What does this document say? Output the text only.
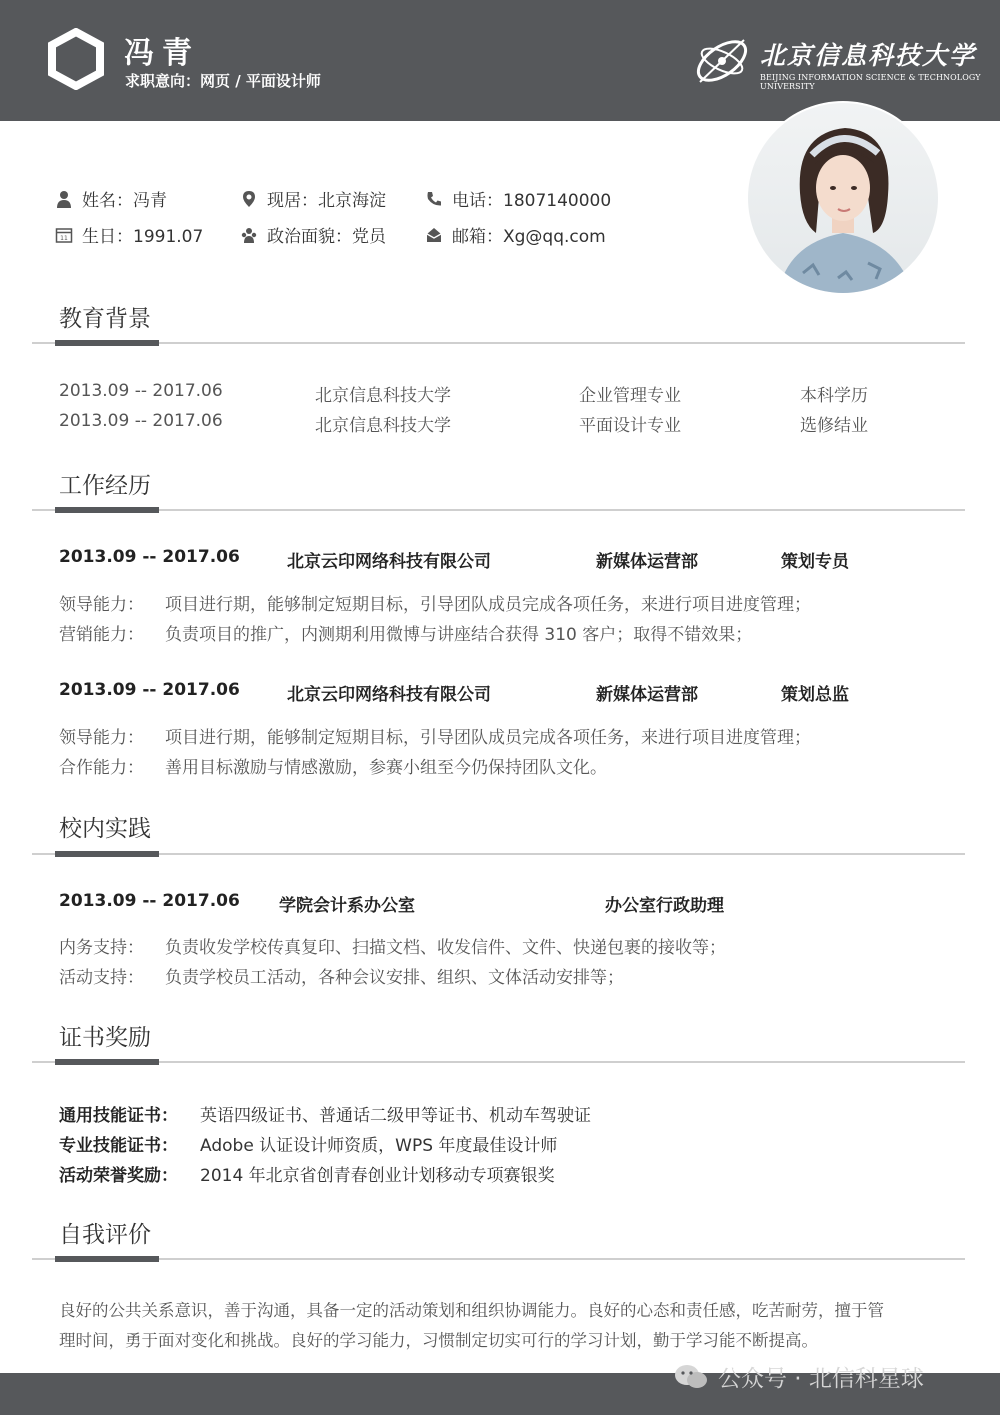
冯青
求职意向：网页 / 平面设计师
北京信息科技大学
BEIJING INFORMATION SCIENCE & TECHNOLOGY UNIVERSITY
姓名：冯青	现居：北京海淀	电话：1807140000
11 生日：1991.07	政治面貌：党员	邮箱：Xg@qq.com
教育背景
2013.09 -- 2017.06	北京信息科技大学	企业管理专业	本科学历
2013.09 -- 2017.06	北京信息科技大学	平面设计专业	选修结业
工作经历
2013.09 -- 2017.06	北京云印网络科技有限公司	新媒体运营部	策划专员
领导能力： 项目进行期，能够制定短期目标，引导团队成员完成各项任务，来进行项目进度管理；
营销能力： 负责项目的推广，内测期利用微博与讲座结合获得 310 客户；取得不错效果；
2013.09 -- 2017.06	北京云印网络科技有限公司	新媒体运营部	策划总监
领导能力： 项目进行期，能够制定短期目标，引导团队成员完成各项任务，来进行项目进度管理；
合作能力： 善用目标激励与情感激励，参赛小组至今仍保持团队文化。
校内实践
2013.09 -- 2017.06 学院会计系办公室	办公室行政助理
内务支持： 负责收发学校传真复印、扫描文档、收发信件、文件、快递包裹的接收等；
活动支持： 负责学校员工活动，各种会议安排、组织、文体活动安排等；
证书奖励
通用技能证书： 英语四级证书、普通话二级甲等证书、机动车驾驶证
专业技能证书： Adobe 认证设计师资质，WPS 年度最佳设计师
活动荣誉奖励： 2014 年北京省创青春创业计划移动专项赛银奖
自我评价
良好的公共关系意识，善于沟通，具备一定的活动策划和组织协调能力。良好的心态和责任感，吃苦耐劳，擅于管
理时间，勇于面对变化和挑战。良好的学习能力，习惯制定切实可行的学习计划，勤于学习能不断提高。
公众号 · 北信科星球
